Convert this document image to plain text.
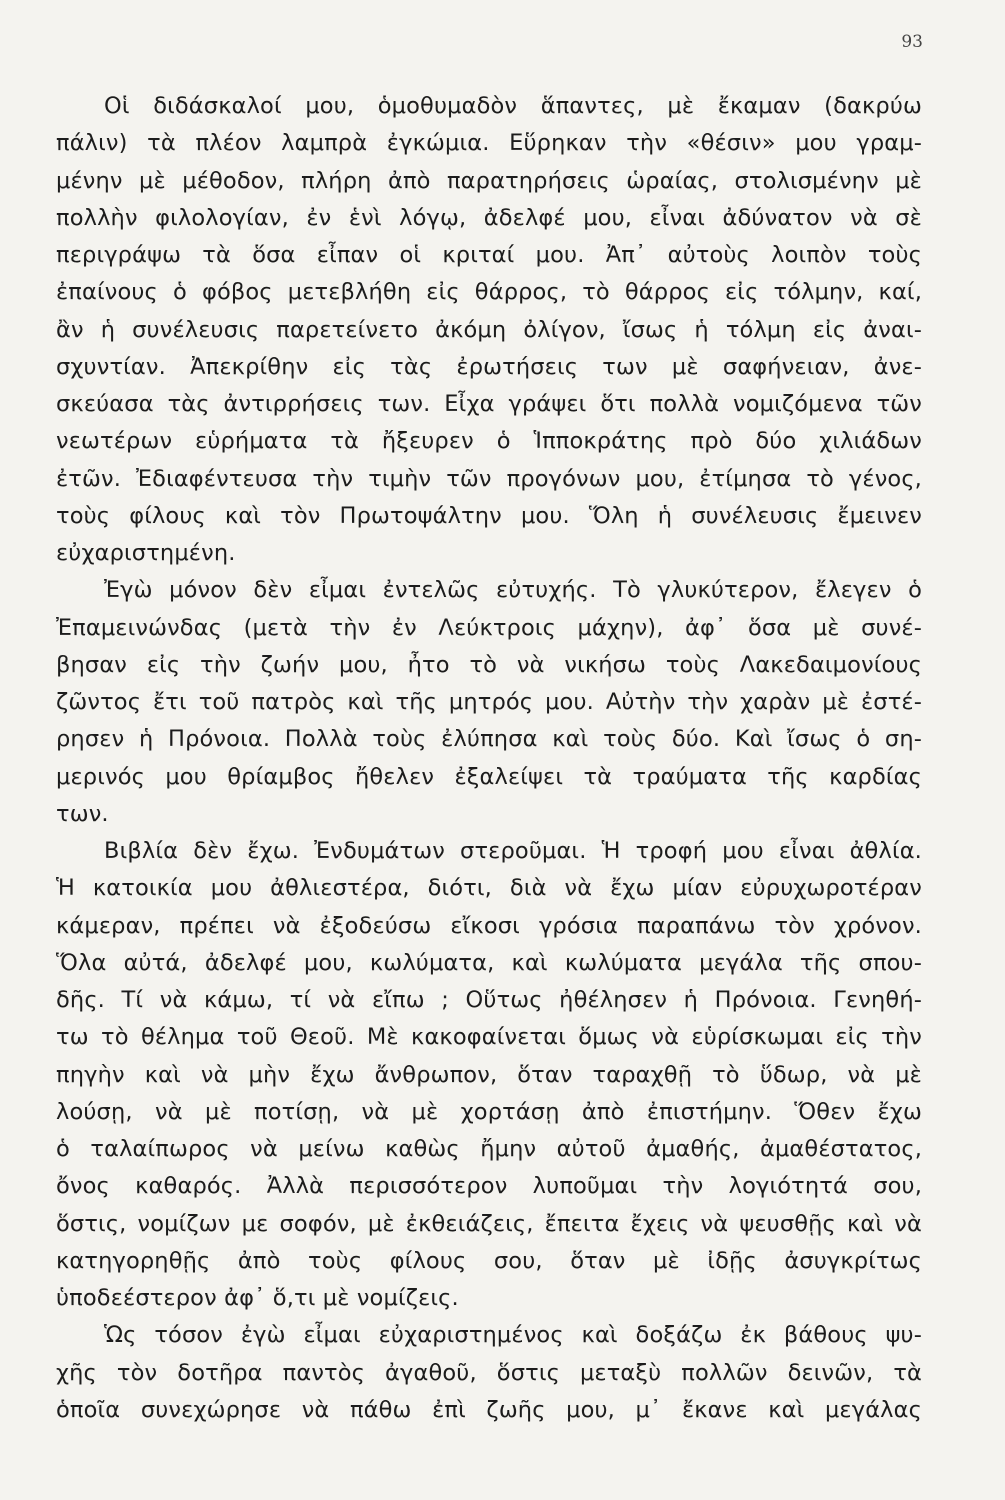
93
Οἱ διδάσκαλοί μου, ὁμοθυμαδὸν ἅπαντες, μὲ ἔκαμαν (δακρύω
πάλιν) τὰ πλέον λαμπρὰ ἐγκώμια. Εὕρηκαν τὴν «θέσιν» μου γραμ-
μένην μὲ μέθοδον, πλήρη ἀπὸ παρατηρήσεις ὡραίας, στολισμένην μὲ
πολλὴν φιλολογίαν, ἐν ἑνὶ λόγῳ, ἀδελφέ μου, εἶναι ἀδύνατον νὰ σὲ
περιγράψω τὰ ὅσα εἶπαν οἱ κριταί μου. Ἀπ᾽ αὐτοὺς λοιπὸν τοὺς
ἐπαίνους ὁ φόβος μετεβλήθη εἰς θάρρος, τὸ θάρρος εἰς τόλμην, καί,
ἂν ἡ συνέλευσις παρετείνετο ἀκόμη ὀλίγον, ἴσως ἡ τόλμη εἰς ἀναι-
σχυντίαν. Ἀπεκρίθην εἰς τὰς ἐρωτήσεις των μὲ σαφήνειαν, ἀνε-
σκεύασα τὰς ἀντιρρήσεις των. Εἶχα γράψει ὅτι πολλὰ νομιζόμενα τῶν
νεωτέρων εὑρήματα τὰ ἤξευρεν ὁ Ἱπποκράτης πρὸ δύο χιλιάδων
ἐτῶν. Ἐδιαφέντευσα τὴν τιμὴν τῶν προγόνων μου, ἐτίμησα τὸ γένος,
τοὺς φίλους καὶ τὸν Πρωτοψάλτην μου. Ὅλη ἡ συνέλευσις ἔμεινεν
εὐχαριστημένη.
Ἐγὼ μόνον δὲν εἶμαι ἐντελῶς εὐτυχής. Τὸ γλυκύτερον, ἔλεγεν ὁ
Ἐπαμεινώνδας (μετὰ τὴν ἐν Λεύκτροις μάχην), ἀφ᾽ ὅσα μὲ συνέ-
βησαν εἰς τὴν ζωήν μου, ἦτο τὸ νὰ νικήσω τοὺς Λακεδαιμονίους
ζῶντος ἔτι τοῦ πατρὸς καὶ τῆς μητρός μου. Αὐτὴν τὴν χαρὰν μὲ ἐστέ-
ρησεν ἡ Πρόνοια. Πολλὰ τοὺς ἐλύπησα καὶ τοὺς δύο. Καὶ ἴσως ὁ ση-
μερινός μου θρίαμβος ἤθελεν ἐξαλείψει τὰ τραύματα τῆς καρδίας
των.
Βιβλία δὲν ἔχω. Ἐνδυμάτων στεροῦμαι. Ἡ τροφή μου εἶναι ἀθλία.
Ἡ κατοικία μου ἀθλιεστέρα, διότι, διὰ νὰ ἔχω μίαν εὐρυχωροτέραν
κάμεραν, πρέπει νὰ ἐξοδεύσω εἴκοσι γρόσια παραπάνω τὸν χρόνον.
Ὅλα αὐτά, ἀδελφέ μου, κωλύματα, καὶ κωλύματα μεγάλα τῆς σπου-
δῆς. Τί νὰ κάμω, τί νὰ εἴπω ; Οὕτως ἠθέλησεν ἡ Πρόνοια. Γενηθή-
τω τὸ θέλημα τοῦ Θεοῦ. Μὲ κακοφαίνεται ὅμως νὰ εὑρίσκωμαι εἰς τὴν
πηγὴν καὶ νὰ μὴν ἔχω ἄνθρωπον, ὅταν ταραχθῇ τὸ ὕδωρ, νὰ μὲ
λούσῃ, νὰ μὲ ποτίσῃ, νὰ μὲ χορτάσῃ ἀπὸ ἐπιστήμην. Ὅθεν ἔχω
ὁ ταλαίπωρος νὰ μείνω καθὼς ἤμην αὐτοῦ ἀμαθής, ἀμαθέστατος,
ὄνος καθαρός. Ἀλλὰ περισσότερον λυποῦμαι τὴν λογιότητά σου,
ὅστις, νομίζων με σοφόν, μὲ ἐκθειάζεις, ἔπειτα ἔχεις νὰ ψευσθῇς καὶ νὰ
κατηγορηθῇς ἀπὸ τοὺς φίλους σου, ὅταν μὲ ἰδῇς ἀσυγκρίτως
ὑποδεέστερον ἀφ᾽ ὅ,τι μὲ νομίζεις.
Ὡς τόσον ἐγὼ εἶμαι εὐχαριστημένος καὶ δοξάζω ἐκ βάθους ψυ-
χῆς τὸν δοτῆρα παντὸς ἀγαθοῦ, ὅστις μεταξὺ πολλῶν δεινῶν, τὰ
ὁποῖα συνεχώρησε νὰ πάθω ἐπὶ ζωῆς μου, μ᾽ ἔκανε καὶ μεγάλας
